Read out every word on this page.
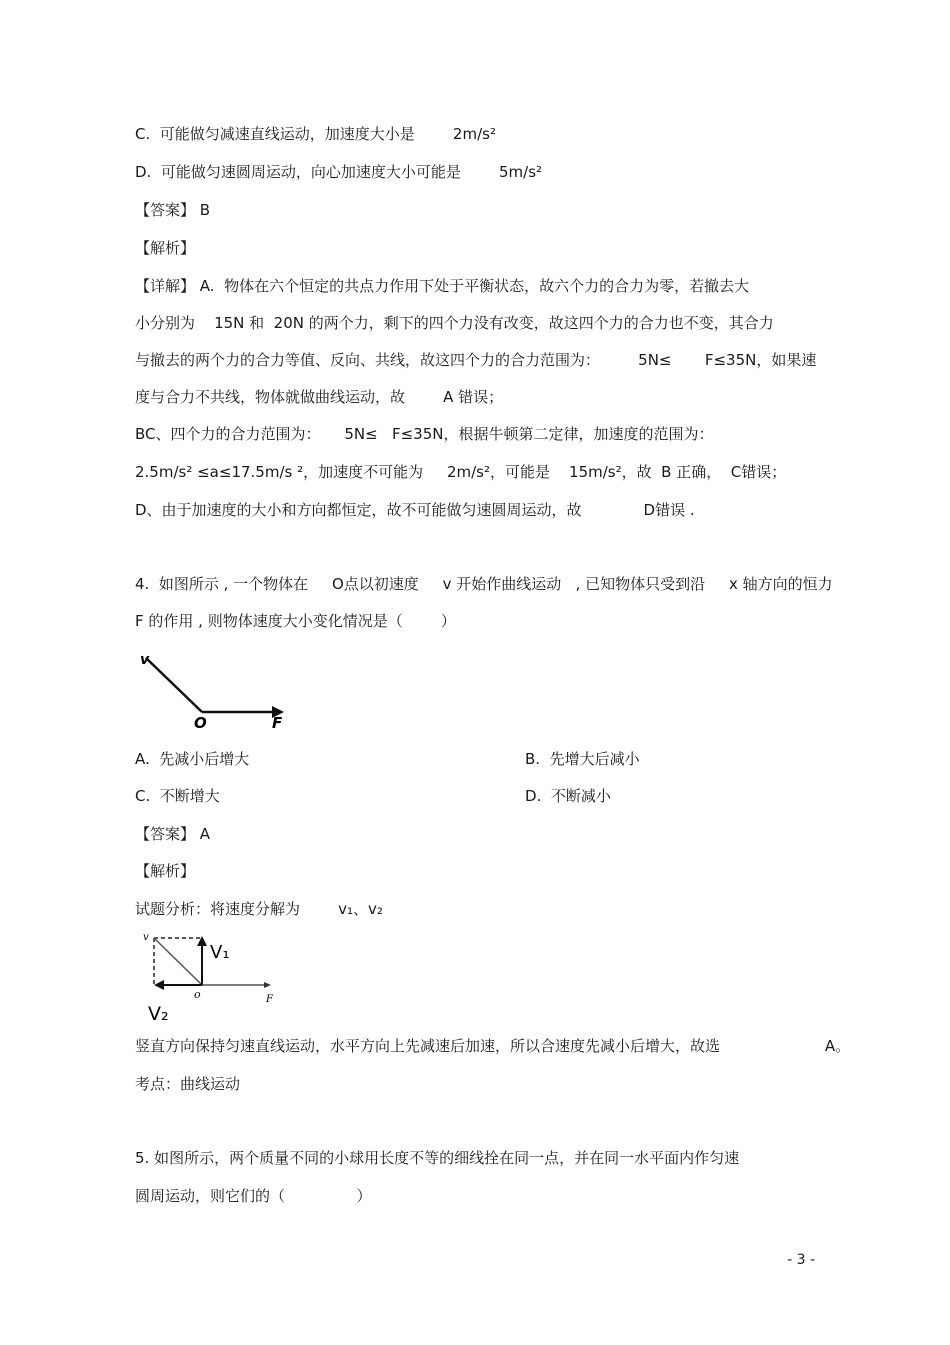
C.  可能做匀减速直线运动，加速度大小是        2m/s²
D.  可能做匀速圆周运动，向心加速度大小可能是        5m/s²
【答案】 B
【解析】
【详解】 A.  物体在六个恒定的共点力作用下处于平衡状态，故六个力的合力为零，若撤去大
小分别为    15N 和  20N 的两个力，剩下的四个力没有改变，故这四个力的合力也不变，其合力
与撤去的两个力的合力等值、反向、共线，故这四个力的合力范围为：        5N≤       F≤35N，如果速
度与合力不共线，物体就做曲线运动，故        A 错误；
BC、四个力的合力范围为：     5N≤   F≤35N，根据牛顿第二定律，加速度的范围为：
2.5m/s² ≤a≤17.5m/s ²，加速度不可能为     2m/s²，可能是    15m/s²，故  B 正确，  C错误；
D、由于加速度的大小和方向都恒定，故不可能做匀速圆周运动，故             D错误 .
4.  如图所示 , 一个物体在     O点以初速度     v 开始作曲线运动   , 已知物体只受到沿     x 轴方向的恒力
F 的作用 , 则物体速度大小变化情况是（        ）
v
O	F
A.  先减小后增大	B.  先增大后减小
C.  不断增大	D.  不断减小
【答案】 A
【解析】
试题分析：将速度分解为        v₁、v₂
v
V₁
o	F
V₂
竖直方向保持匀速直线运动，水平方向上先减速后加速，所以合速度先减小后增大，故选                      A。
考点：曲线运动
5. 如图所示，两个质量不同的小球用长度不等的细线拴在同一点，并在同一水平面内作匀速
圆周运动，则它们的（               ）
- 3 -
